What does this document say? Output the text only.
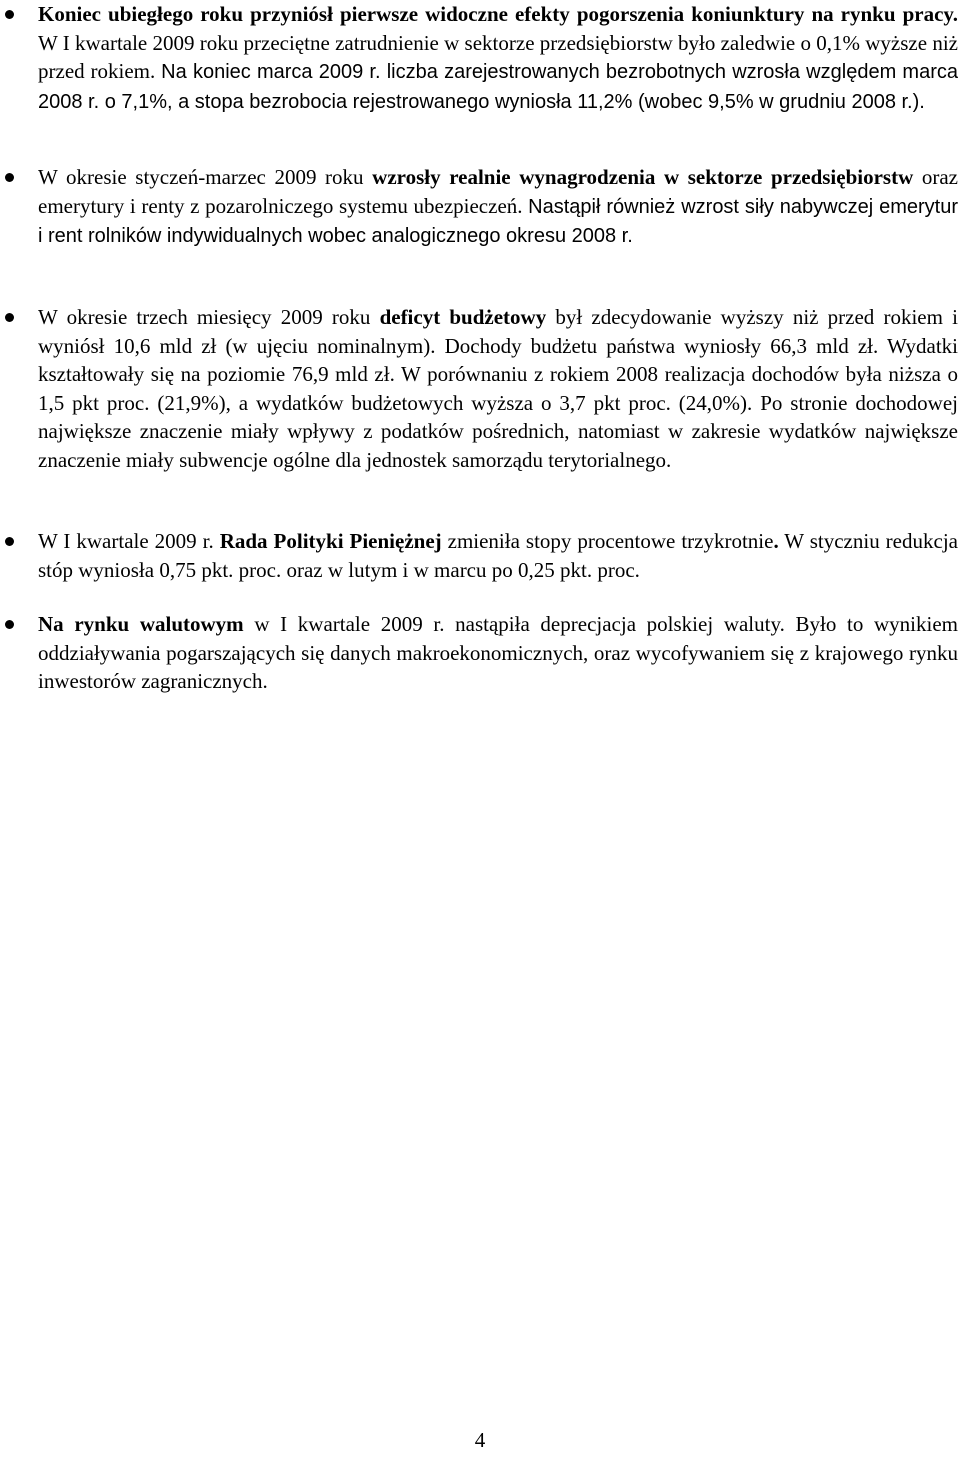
Koniec ubiegłego roku przyniósł pierwsze widoczne efekty pogorszenia koniunktury na rynku pracy. W I kwartale 2009 roku przeciętne zatrudnienie w sektorze przedsiębiorstw było zaledwie o 0,1% wyższe niż przed rokiem. Na koniec marca 2009 r. liczba zarejestrowanych bezrobotnych wzrosła względem marca 2008 r. o 7,1%, a stopa bezrobocia rejestrowanego wyniosła 11,2% (wobec 9,5% w grudniu 2008 r.).

W okresie styczeń-marzec 2009 roku wzrosły realnie wynagrodzenia w sektorze przedsiębiorstw oraz emerytury i renty z pozarolniczego systemu ubezpieczeń. Nastąpił również wzrost siły nabywczej emerytur i rent rolników indywidualnych wobec analogicznego okresu 2008 r.

W okresie trzech miesięcy 2009 roku deficyt budżetowy był zdecydowanie wyższy niż przed rokiem i wyniósł 10,6 mld zł (w ujęciu nominalnym). Dochody budżetu państwa wyniosły 66,3 mld zł. Wydatki kształtowały się na poziomie 76,9 mld zł. W porównaniu z rokiem 2008 realizacja dochodów była niższa o 1,5 pkt proc. (21,9%), a wydatków budżetowych wyższa o 3,7 pkt proc. (24,0%). Po stronie dochodowej największe znaczenie miały wpływy z podatków pośrednich, natomiast w zakresie wydatków największe znaczenie miały subwencje ogólne dla jednostek samorządu terytorialnego.

W I kwartale 2009 r. Rada Polityki Pieniężnej zmieniła stopy procentowe trzykrotnie. W styczniu redukcja stóp wyniosła 0,75 pkt. proc. oraz w lutym i w marcu po 0,25 pkt. proc.

Na rynku walutowym w I kwartale 2009 r. nastąpiła deprecjacja polskiej waluty. Było to wynikiem oddziaływania pogarszających się danych makroekonomicznych, oraz wycofywaniem się z krajowego rynku inwestorów zagranicznych.

4
